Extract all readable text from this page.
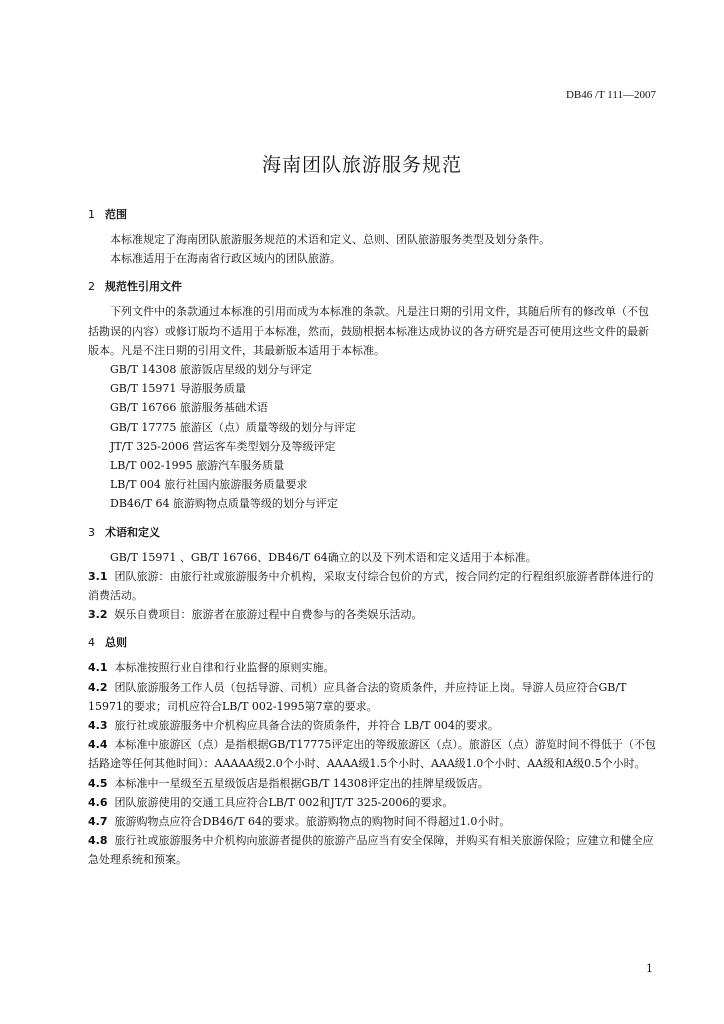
DB46 /T 111—2007
海南团队旅游服务规范
1 范围

本标准规定了海南团队旅游服务规范的术语和定义、总则、团队旅游服务类型及划分条件。

本标准适用于在海南省行政区域内的团队旅游。

2 规范性引用文件

下列文件中的条款通过本标准的引用而成为本标准的条款。凡是注日期的引用文件，其随后所有的修改单（不包括勘误的内容）或修订版均不适用于本标准，然而，鼓励根据本标准达成协议的各方研究是否可使用这些文件的最新版本。凡是不注日期的引用文件，其最新版本适用于本标准。

GB/T 14308 旅游饭店星级的划分与评定

GB/T 15971 导游服务质量

GB/T 16766 旅游服务基础术语

GB/T 17775 旅游区（点）质量等级的划分与评定

JT/T 325-2006 营运客车类型划分及等级评定

LB/T 002-1995 旅游汽车服务质量

LB/T 004 旅行社国内旅游服务质量要求

DB46/T 64 旅游购物点质量等级的划分与评定

3 术语和定义

GB/T 15971 、GB/T 16766、DB46/T 64确立的以及下列术语和定义适用于本标准。

3.1 团队旅游：由旅行社或旅游服务中介机构，采取支付综合包价的方式，按合同约定的行程组织旅游者群体进行的消费活动。

3.2 娱乐自费项目：旅游者在旅游过程中自费参与的各类娱乐活动。

4 总则

4.1 本标准按照行业自律和行业监督的原则实施。

4.2 团队旅游服务工作人员（包括导游、司机）应具备合法的资质条件，并应持证上岗。导游人员应符合GB/T 15971的要求；司机应符合LB/T 002-1995第7章的要求。

4.3 旅行社或旅游服务中介机构应具备合法的资质条件，并符合 LB/T 004的要求。

4.4 本标准中旅游区（点）是指根据GB/T17775评定出的等级旅游区（点）。旅游区（点）游览时间不得低于（不包括路途等任何其他时间）：AAAAA级2.0个小时、AAAA级1.5个小时、AAA级1.0个小时、AA级和A级0.5个小时。

4.5 本标准中一星级至五星级饭店是指根据GB/T 14308评定出的挂牌星级饭店。

4.6 团队旅游使用的交通工具应符合LB/T 002和JT/T 325-2006的要求。

4.7 旅游购物点应符合DB46/T 64的要求。旅游购物点的购物时间不得超过1.0小时。

4.8 旅行社或旅游服务中介机构向旅游者提供的旅游产品应当有安全保障，并购买有相关旅游保险；应建立和健全应急处理系统和预案。

1
